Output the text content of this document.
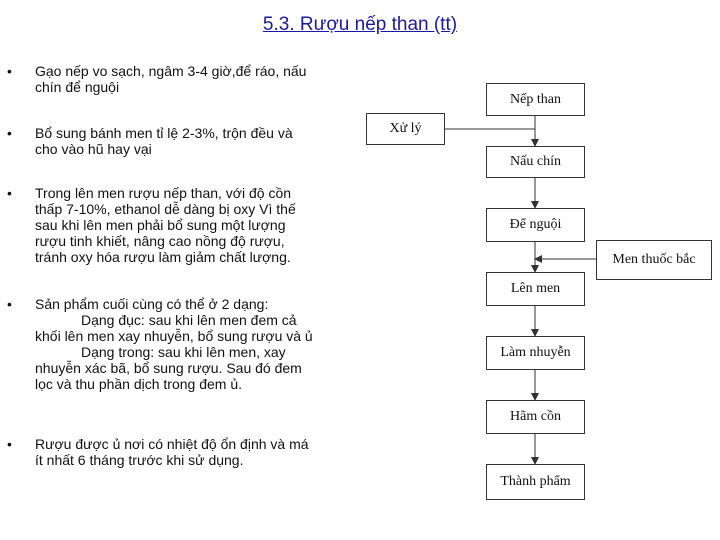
5.3. Rượu nếp than (tt)
• Gạo nếp vo sạch, ngâm 3-4 giờ,để ráo, nấu
chín để nguội
• Bổ sung bánh men tỉ lệ 2-3%, trộn đều và
cho vào hũ hay vại
• Trong lên men rượu nếp than, với độ cồn
thấp 7-10%, ethanol dễ dàng bị oxy Vì thế
sau khi lên men phải bổ sung một lượng
rượu tinh khiết, nâng cao nồng độ rượu,
tránh oxy hóa rượu làm giảm chất lượng.
• Sản phẩm cuối cùng có thể ở 2 dạng:
Dạng đục: sau khi lên men đem cả
khối lên men xay nhuyễn, bổ sung rượu và ủ
Dạng trong: sau khi lên men, xay
nhuyễn xác bã, bổ sung rượu. Sau đó đem
lọc và thu phần dịch trong đem ủ.
• Rượu được ủ nơi có nhiệt độ ổn định và má
ít nhất 6 tháng trước khi sử dụng.
Nếp than
Nấu chín
Để nguội
Lên men
Làm nhuyễn
Hãm cồn
Thành phẩm
Xử lý
Men thuốc bắc
